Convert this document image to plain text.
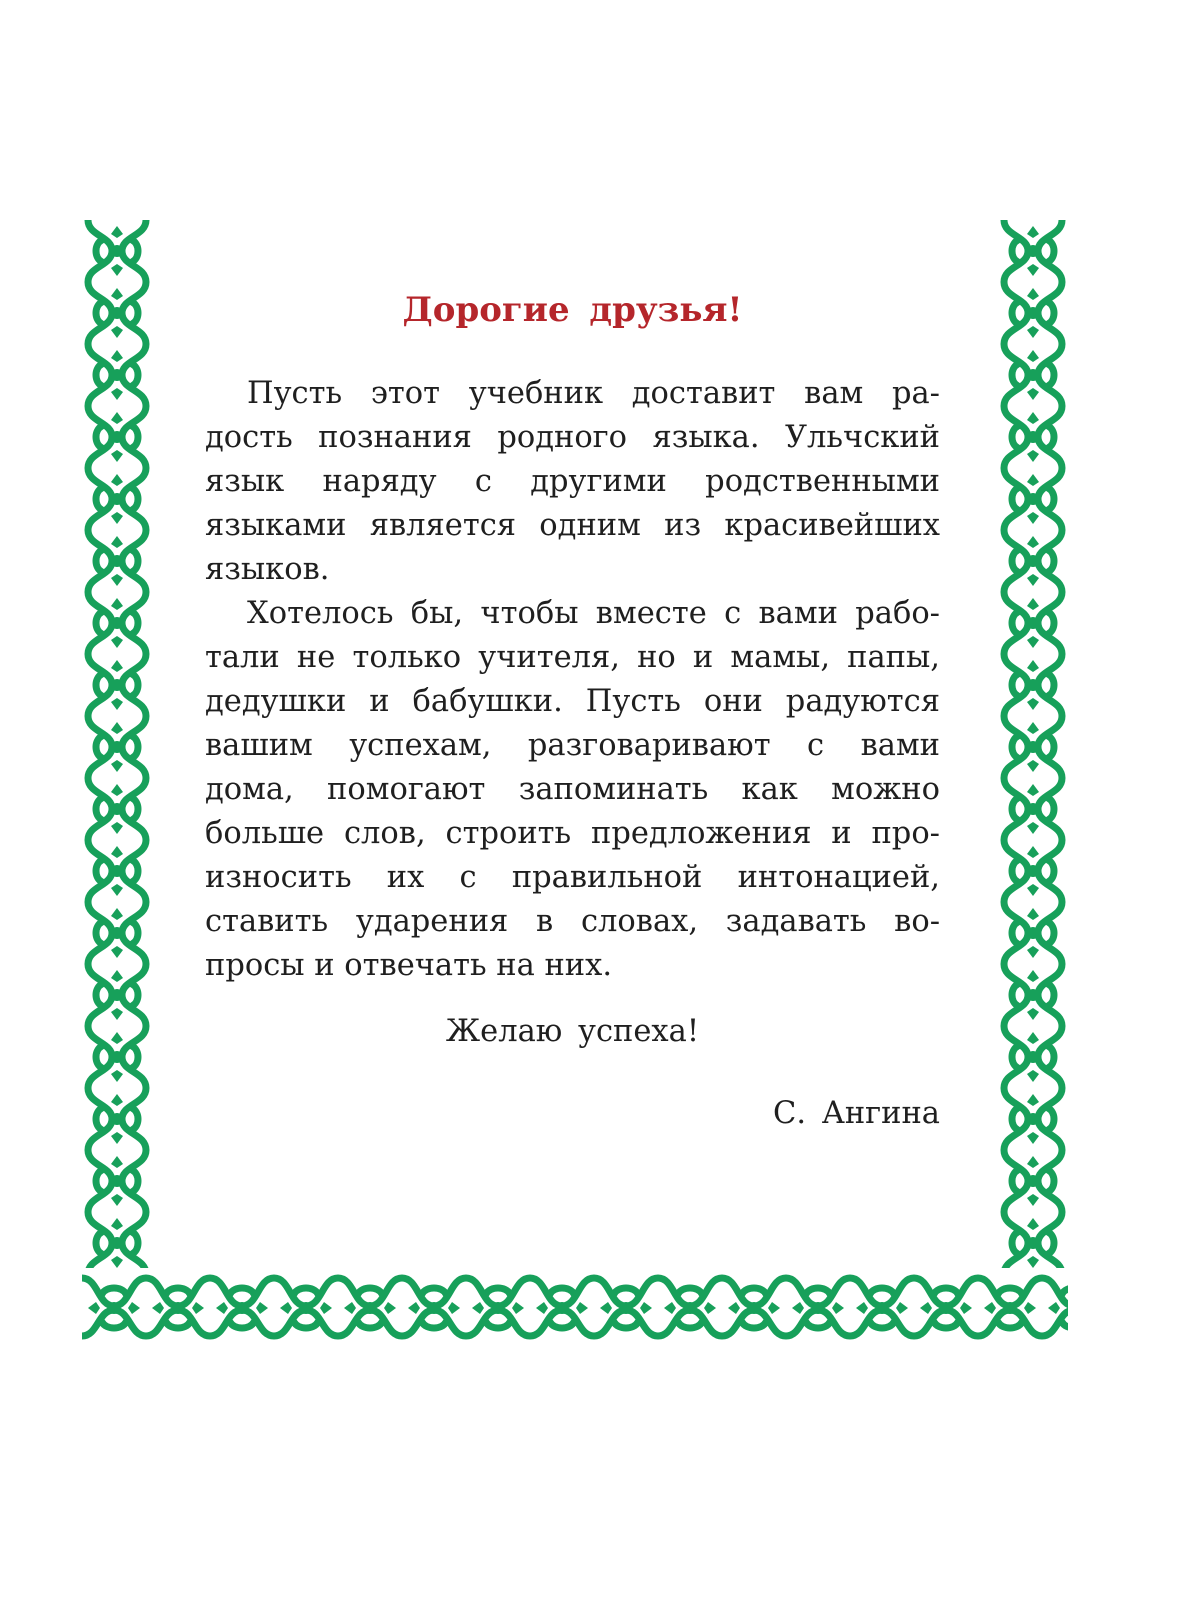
Дорогие друзья!

Пусть этот учебник доставит вам ра-
дость познания родного языка. Ульчский
язык наряду с другими родственными
языками является одним из красивейших
языков.

Хотелось бы, чтобы вместе с вами рабо-
тали не только учителя, но и мамы, папы,
дедушки и бабушки. Пусть они радуются
вашим успехам, разговаривают с вами
дома, помогают запоминать как можно
больше слов, строить предложения и про-
износить их с правильной интонацией,
ставить ударения в словах, задавать во-
просы и отвечать на них.

Желаю успеха!

С. Ангина
